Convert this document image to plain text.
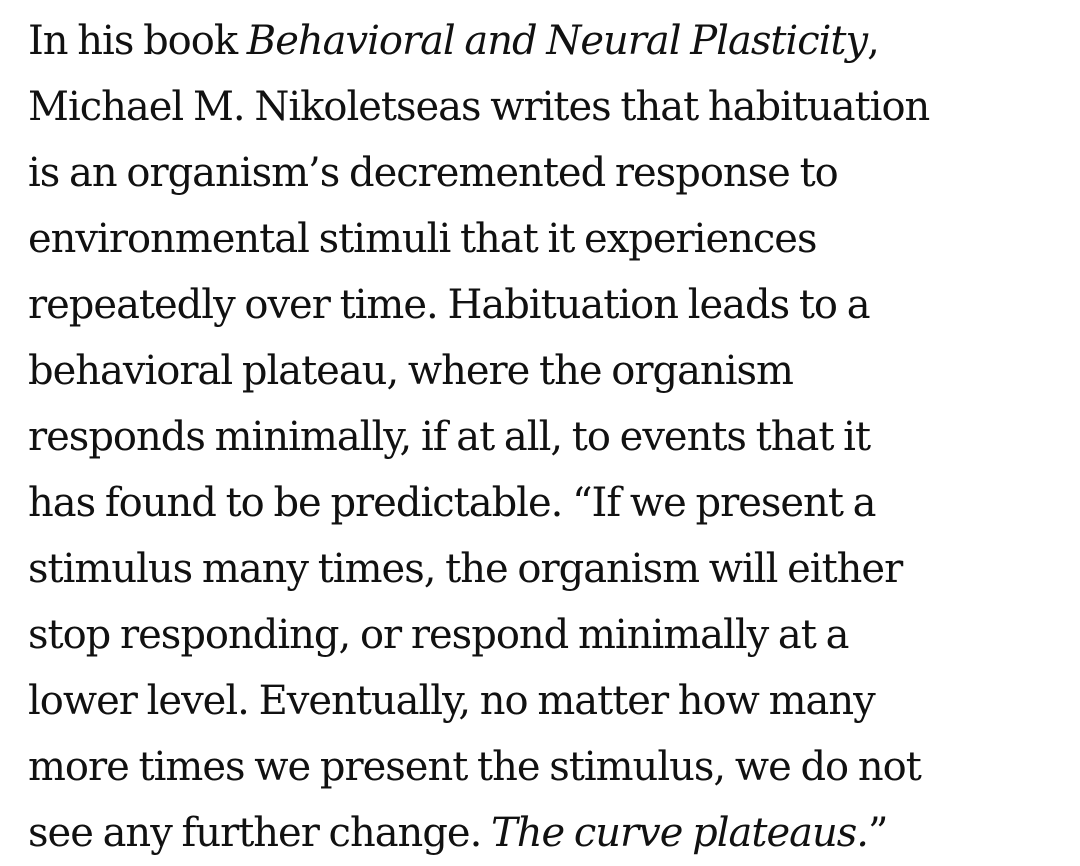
In his book Behavioral and Neural Plasticity,
Michael M. Nikoletseas writes that habituation
is an organism’s decremented response to
environmental stimuli that it experiences
repeatedly over time. Habituation leads to a
behavioral plateau, where the organism
responds minimally, if at all, to events that it
has found to be predictable. “If we present a
stimulus many times, the organism will either
stop responding, or respond minimally at a
lower level. Eventually, no matter how many
more times we present the stimulus, we do not
see any further change. The curve plateaus.”
